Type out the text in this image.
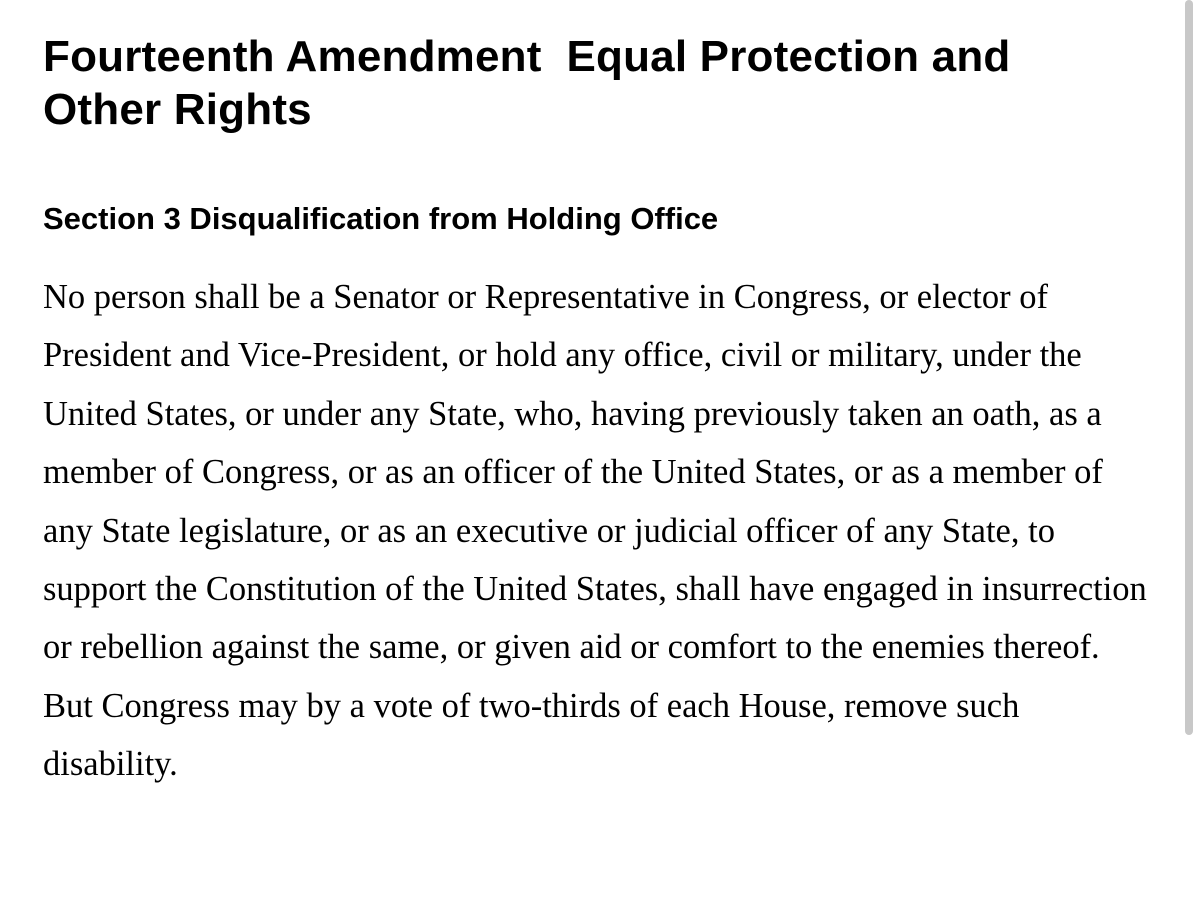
Fourteenth Amendment  Equal Protection and
Other Rights
Section 3 Disqualification from Holding Office

No person shall be a Senator or Representative in Congress, or elector of President and Vice-President, or hold any office, civil or military, under the United States, or under any State, who, having previously taken an oath, as a member of Congress, or as an officer of the United States, or as a member of any State legislature, or as an executive or judicial officer of any State, to support the Constitution of the United States, shall have engaged in insurrection or rebellion against the same, or given aid or comfort to the enemies thereof. But Congress may by a vote of two-thirds of each House, remove such disability.
